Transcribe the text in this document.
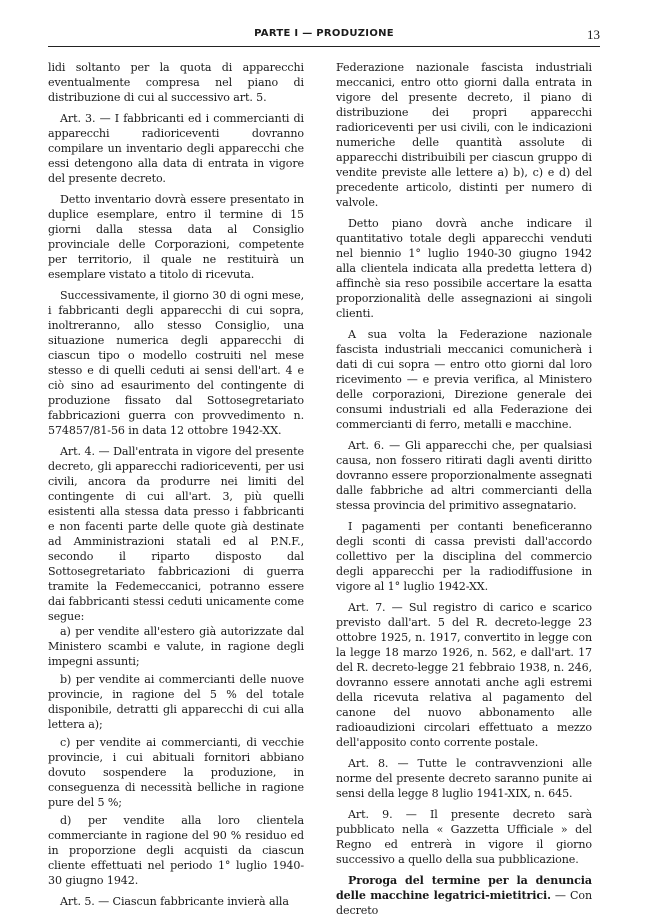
PARTE I — PRODUZIONE	13

lidi soltanto per la quota di apparecchi eventualmente compresa nel piano di distribuzione di cui al successivo art. 5.

Art. 3. — I fabbricanti ed i commercianti di apparecchi radioriceventi dovranno compilare un inventario degli apparecchi che essi detengono alla data di entrata in vigore del presente decreto.

Detto inventario dovrà essere presentato in duplice esemplare, entro il termine di 15 giorni dalla stessa data al Consiglio provinciale delle Corporazioni, competente per territorio, il quale ne restituirà un esemplare vistato a titolo di ricevuta.

Successivamente, il giorno 30 di ogni mese, i fabbricanti degli apparecchi di cui sopra, inoltreranno, allo stesso Consiglio, una situazione numerica degli apparecchi di ciascun tipo o modello costruiti nel mese stesso e di quelli ceduti ai sensi dell'art. 4 e ciò sino ad esaurimento del contingente di produzione fissato dal Sottosegretariato fabbricazioni guerra con provvedimento n. 574857/81-56 in data 12 ottobre 1942-XX.

Art. 4. — Dall'entrata in vigore del presente decreto, gli apparecchi radioriceventi, per usi civili, ancora da produrre nei limiti del contingente di cui all'art. 3, più quelli esistenti alla stessa data presso i fabbricanti e non facenti parte delle quote già destinate ad Amministrazioni statali ed al P.N.F., secondo il riparto disposto dal Sottosegretariato fabbricazioni di guerra tramite la Fedemeccanici, potranno essere dai fabbricanti stessi ceduti unicamente come segue:

a) per vendite all'estero già autorizzate dal Ministero scambi e valute, in ragione degli impegni assunti;

b) per vendite ai commercianti delle nuove provincie, in ragione del 5 % del totale disponibile, detratti gli apparecchi di cui alla lettera a);

c) per vendite ai commercianti, di vecchie provincie, i cui abituali fornitori abbiano dovuto sospendere la produzione, in conseguenza di necessità belliche in ragione pure del 5 %;

d) per vendite alla loro clientela commerciante in ragione del 90 % residuo ed in proporzione degli acquisti da ciascun cliente effettuati nel periodo 1° luglio 1940-30 giugno 1942.

Art. 5. — Ciascun fabbricante invierà alla

Federazione nazionale fascista industriali meccanici, entro otto giorni dalla entrata in vigore del presente decreto, il piano di distribuzione dei propri apparecchi radioriceventi per usi civili, con le indicazioni numeriche delle quantità assolute di apparecchi distribuibili per ciascun gruppo di vendite previste alle lettere a) b), c) e d) del precedente articolo, distinti per numero di valvole.

Detto piano dovrà anche indicare il quantitativo totale degli apparecchi venduti nel biennio 1° luglio 1940-30 giugno 1942 alla clientela indicata alla predetta lettera d) affinchè sia reso possibile accertare la esatta proporzionalità delle assegnazioni ai singoli clienti.

A sua volta la Federazione nazionale fascista industriali meccanici comunicherà i dati di cui sopra — entro otto giorni dal loro ricevimento — e previa verifica, al Ministero delle corporazioni, Direzione generale dei consumi industriali ed alla Federazione dei commercianti di ferro, metalli e macchine.

Art. 6. — Gli apparecchi che, per qualsiasi causa, non fossero ritirati dagli aventi diritto dovranno essere proporzionalmente assegnati dalle fabbriche ad altri commercianti della stessa provincia del primitivo assegnatario.

I pagamenti per contanti beneficeranno degli sconti di cassa previsti dall'accordo collettivo per la disciplina del commercio degli apparecchi per la radiodiffusione in vigore al 1° luglio 1942-XX.

Art. 7. — Sul registro di carico e scarico previsto dall'art. 5 del R. decreto-legge 23 ottobre 1925, n. 1917, convertito in legge con la legge 18 marzo 1926, n. 562, e dall'art. 17 del R. decreto-legge 21 febbraio 1938, n. 246, dovranno essere annotati anche agli estremi della ricevuta relativa al pagamento del canone del nuovo abbonamento alle radioaudizioni circolari effettuato a mezzo dell'apposito conto corrente postale.

Art. 8. — Tutte le contravvenzioni alle norme del presente decreto saranno punite ai sensi della legge 8 luglio 1941-XIX, n. 645.

Art. 9. — Il presente decreto sarà pubblicato nella « Gazzetta Ufficiale » del Regno ed entrerà in vigore il giorno successivo a quello della sua pubblicazione.

Proroga del termine per la denuncia delle macchine legatrici-mietitrici. — Con decreto
